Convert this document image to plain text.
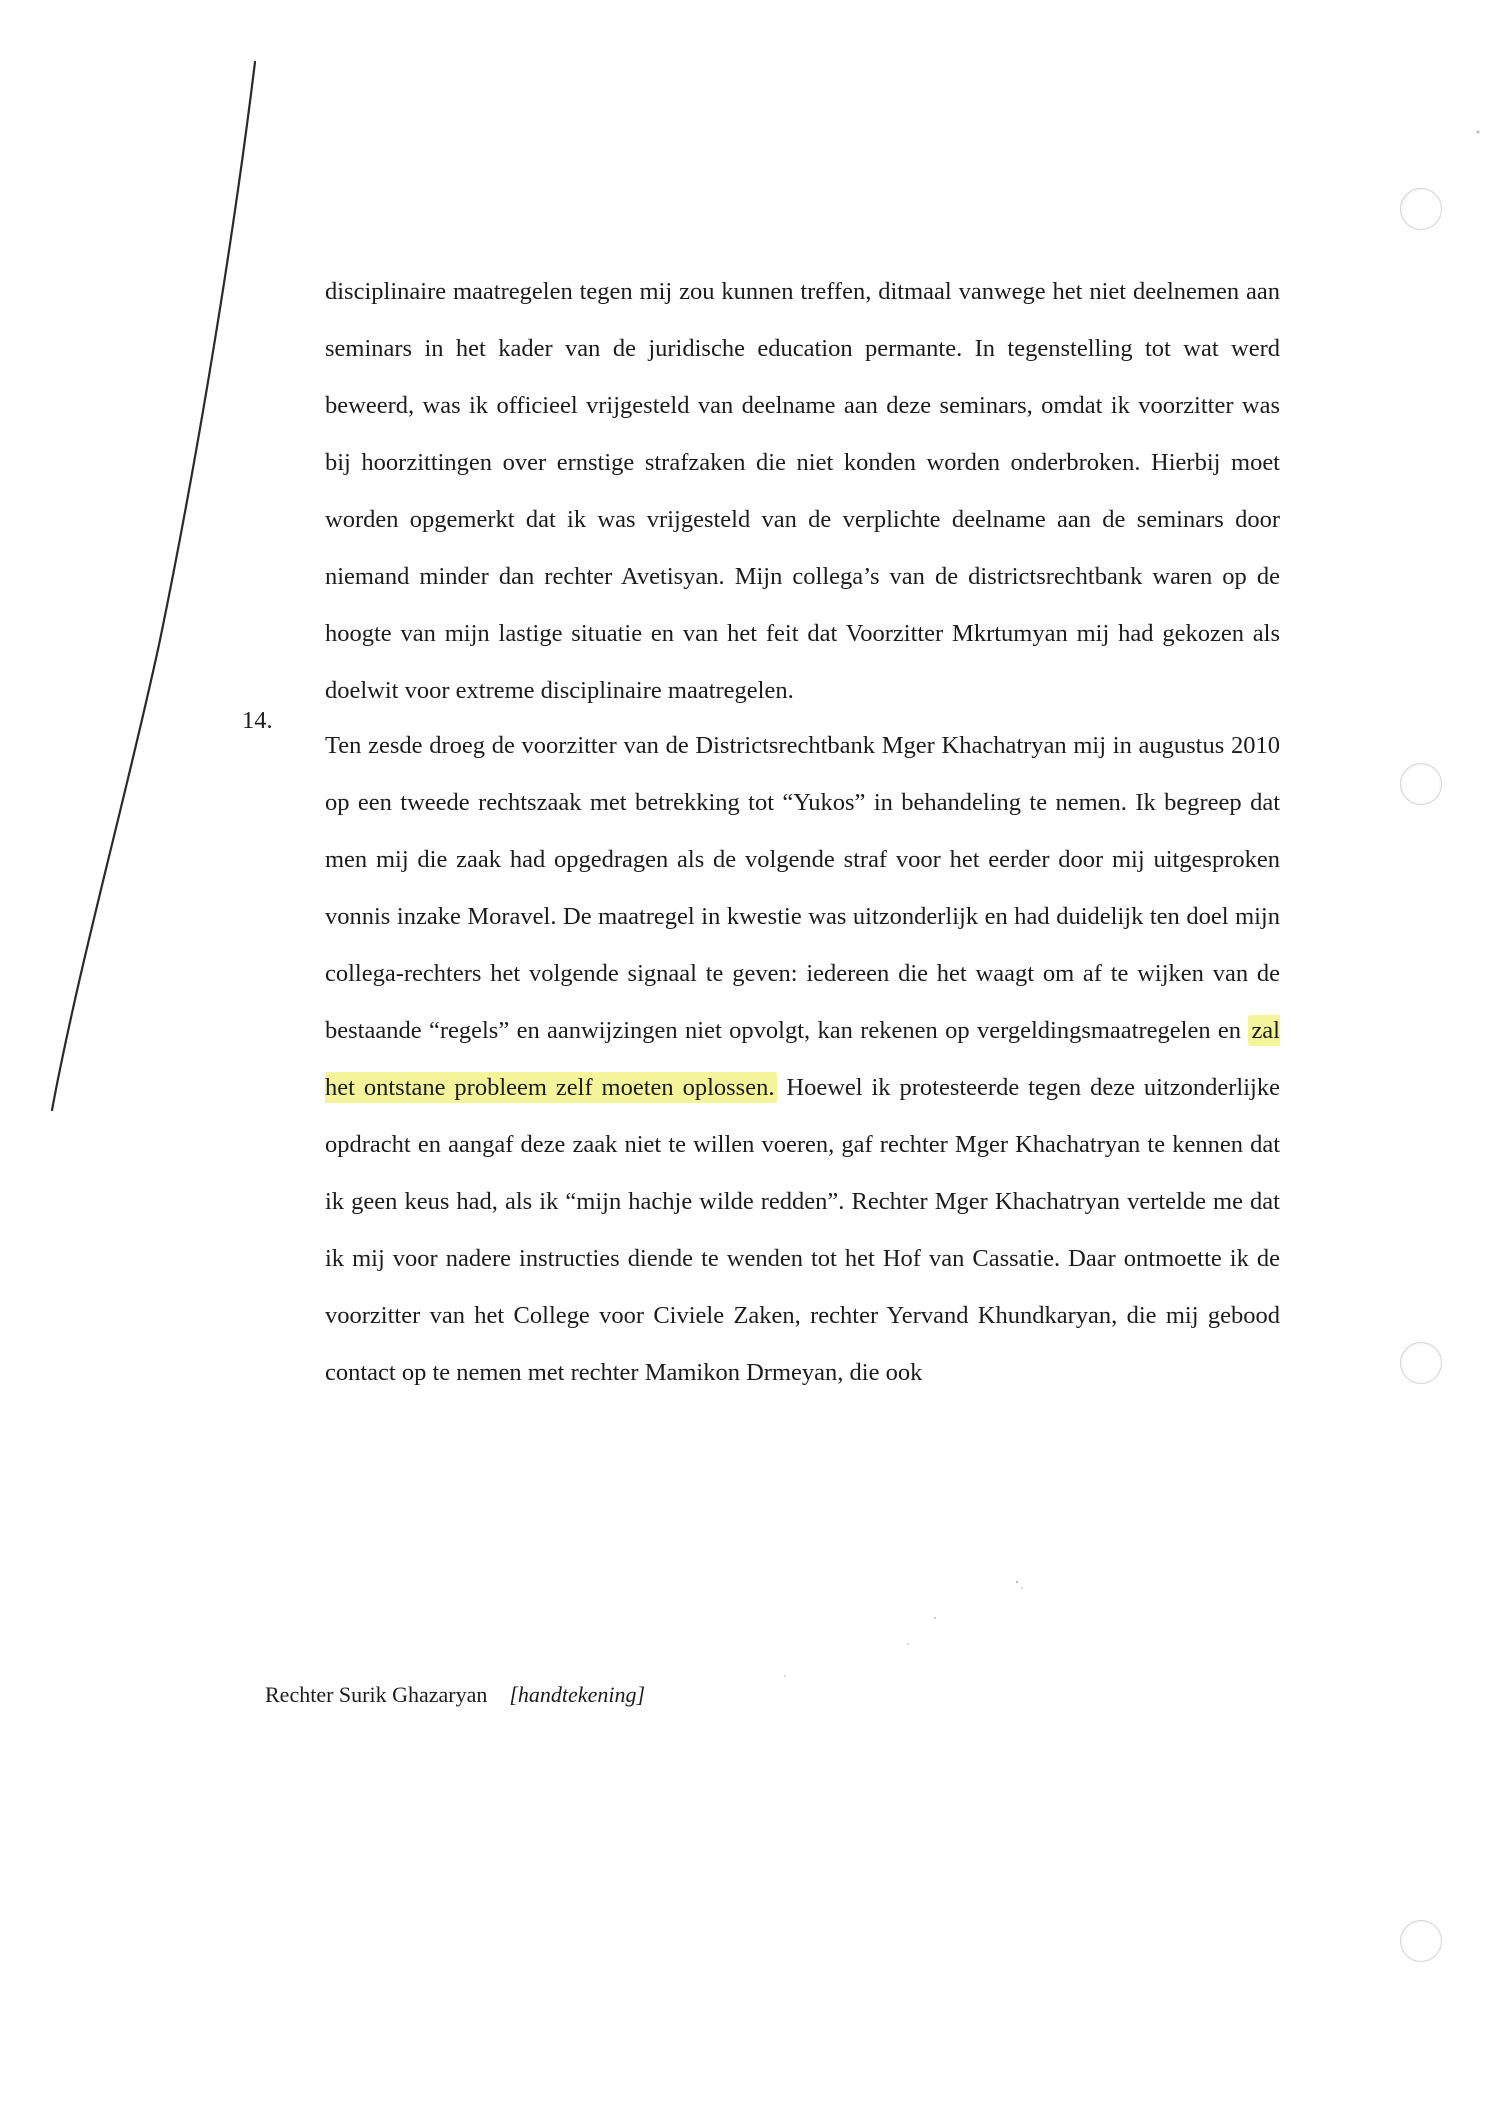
disciplinaire maatregelen tegen mij zou kunnen treffen, ditmaal vanwege het niet deelnemen aan seminars in het kader van de juridische education permante. In tegenstelling tot wat werd beweerd, was ik officieel vrijgesteld van deelname aan deze seminars, omdat ik voorzitter was bij hoorzittingen over ernstige strafzaken die niet konden worden onderbroken. Hierbij moet worden opgemerkt dat ik was vrijgesteld van de verplichte deelname aan de seminars door niemand minder dan rechter Avetisyan. Mijn collega’s van de districtsrechtbank waren op de hoogte van mijn lastige situatie en van het feit dat Voorzitter Mkrtumyan mij had gekozen als doelwit voor extreme disciplinaire maatregelen.

14.

Ten zesde droeg de voorzitter van de Districtsrechtbank Mger Khachatryan mij in augustus 2010 op een tweede rechtszaak met betrekking tot “Yukos” in behandeling te nemen. Ik begreep dat men mij die zaak had opgedragen als de volgende straf voor het eerder door mij uitgesproken vonnis inzake Moravel. De maatregel in kwestie was uitzonderlijk en had duidelijk ten doel mijn collega-rechters het volgende signaal te geven: iedereen die het waagt om af te wijken van de bestaande “regels” en aanwijzingen niet opvolgt, kan rekenen op vergeldingsmaatregelen en zal het ontstane probleem zelf moeten oplossen. Hoewel ik protesteerde tegen deze uitzonderlijke opdracht en aangaf deze zaak niet te willen voeren, gaf rechter Mger Khachatryan te kennen dat ik geen keus had, als ik “mijn hachje wilde redden”. Rechter Mger Khachatryan vertelde me dat ik mij voor nadere instructies diende te wenden tot het Hof van Cassatie. Daar ontmoette ik de voorzitter van het College voor Civiele Zaken, rechter Yervand Khundkaryan, die mij gebood contact op te nemen met rechter Mamikon Drmeyan, die ook

Rechter Surik Ghazaryan [handtekening]
